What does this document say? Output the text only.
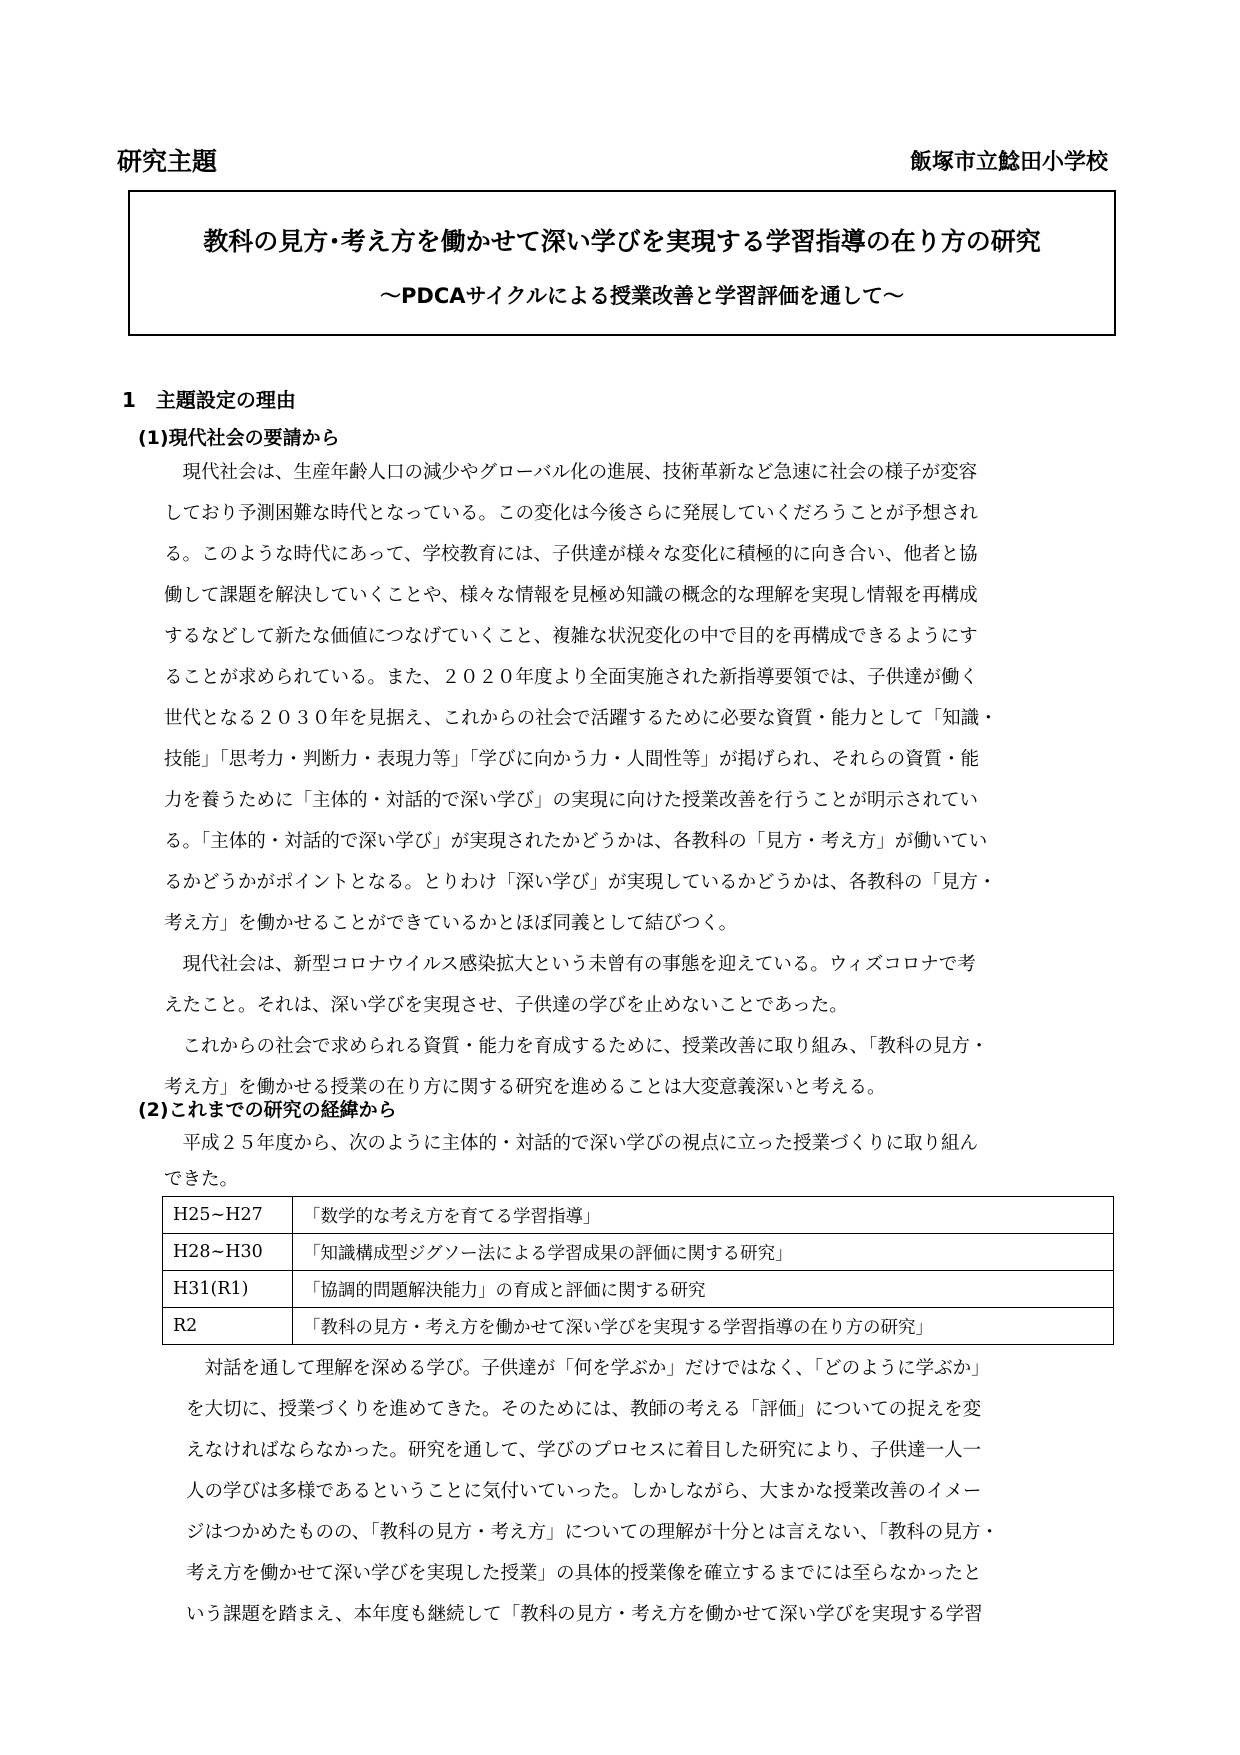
研究主題	飯塚市立鯰田小学校
教科の見方･考え方を働かせて深い学びを実現する学習指導の在り方の研究
～PDCAサイクルによる授業改善と学習評価を通して～
1　主題設定の理由
(1)現代社会の要請から

　現代社会は、生産年齢人口の減少やグローバル化の進展、技術革新など急速に社会の様子が変容

しており予測困難な時代となっている。この変化は今後さらに発展していくだろうことが予想され

る。このような時代にあって、学校教育には、子供達が様々な変化に積極的に向き合い、他者と協

働して課題を解決していくことや、様々な情報を見極め知識の概念的な理解を実現し情報を再構成

するなどして新たな価値につなげていくこと、複雑な状況変化の中で目的を再構成できるようにす

ることが求められている。また、２０２０年度より全面実施された新指導要領では、子供達が働く

世代となる２０３０年を見据え、これからの社会で活躍するために必要な資質・能力として「知識・

技能」「思考力・判断力・表現力等」「学びに向かう力・人間性等」が掲げられ、それらの資質・能

力を養うために「主体的・対話的で深い学び」の実現に向けた授業改善を行うことが明示されてい

る。「主体的・対話的で深い学び」が実現されたかどうかは、各教科の「見方・考え方」が働いてい

るかどうかがポイントとなる。とりわけ「深い学び」が実現しているかどうかは、各教科の「見方・

考え方」を働かせることができているかとほぼ同義として結びつく。

　現代社会は、新型コロナウイルス感染拡大という未曾有の事態を迎えている。ウィズコロナで考

えたこと。それは、深い学びを実現させ、子供達の学びを止めないことであった。

　これからの社会で求められる資質・能力を育成するために、授業改善に取り組み、「教科の見方・

考え方」を働かせる授業の在り方に関する研究を進めることは大変意義深いと考える。

(2)これまでの研究の経緯から

　平成２５年度から、次のように主体的・対話的で深い学びの視点に立った授業づくりに取り組ん

できた。

H25~H27	「数学的な考え方を育てる学習指導」
H28~H30	「知識構成型ジグソー法による学習成果の評価に関する研究」
H31(R1)	「協調的問題解決能力」の育成と評価に関する研究
R2	「教科の見方・考え方を働かせて深い学びを実現する学習指導の在り方の研究」

　対話を通して理解を深める学び。子供達が「何を学ぶか」だけではなく、「どのように学ぶか」

を大切に、授業づくりを進めてきた。そのためには、教師の考える「評価」についての捉えを変

えなければならなかった。研究を通して、学びのプロセスに着目した研究により、子供達一人一

人の学びは多様であるということに気付いていった。しかしながら、大まかな授業改善のイメー

ジはつかめたものの、「教科の見方・考え方」についての理解が十分とは言えない、「教科の見方・

考え方を働かせて深い学びを実現した授業」の具体的授業像を確立するまでには至らなかったと

いう課題を踏まえ、本年度も継続して「教科の見方・考え方を働かせて深い学びを実現する学習
